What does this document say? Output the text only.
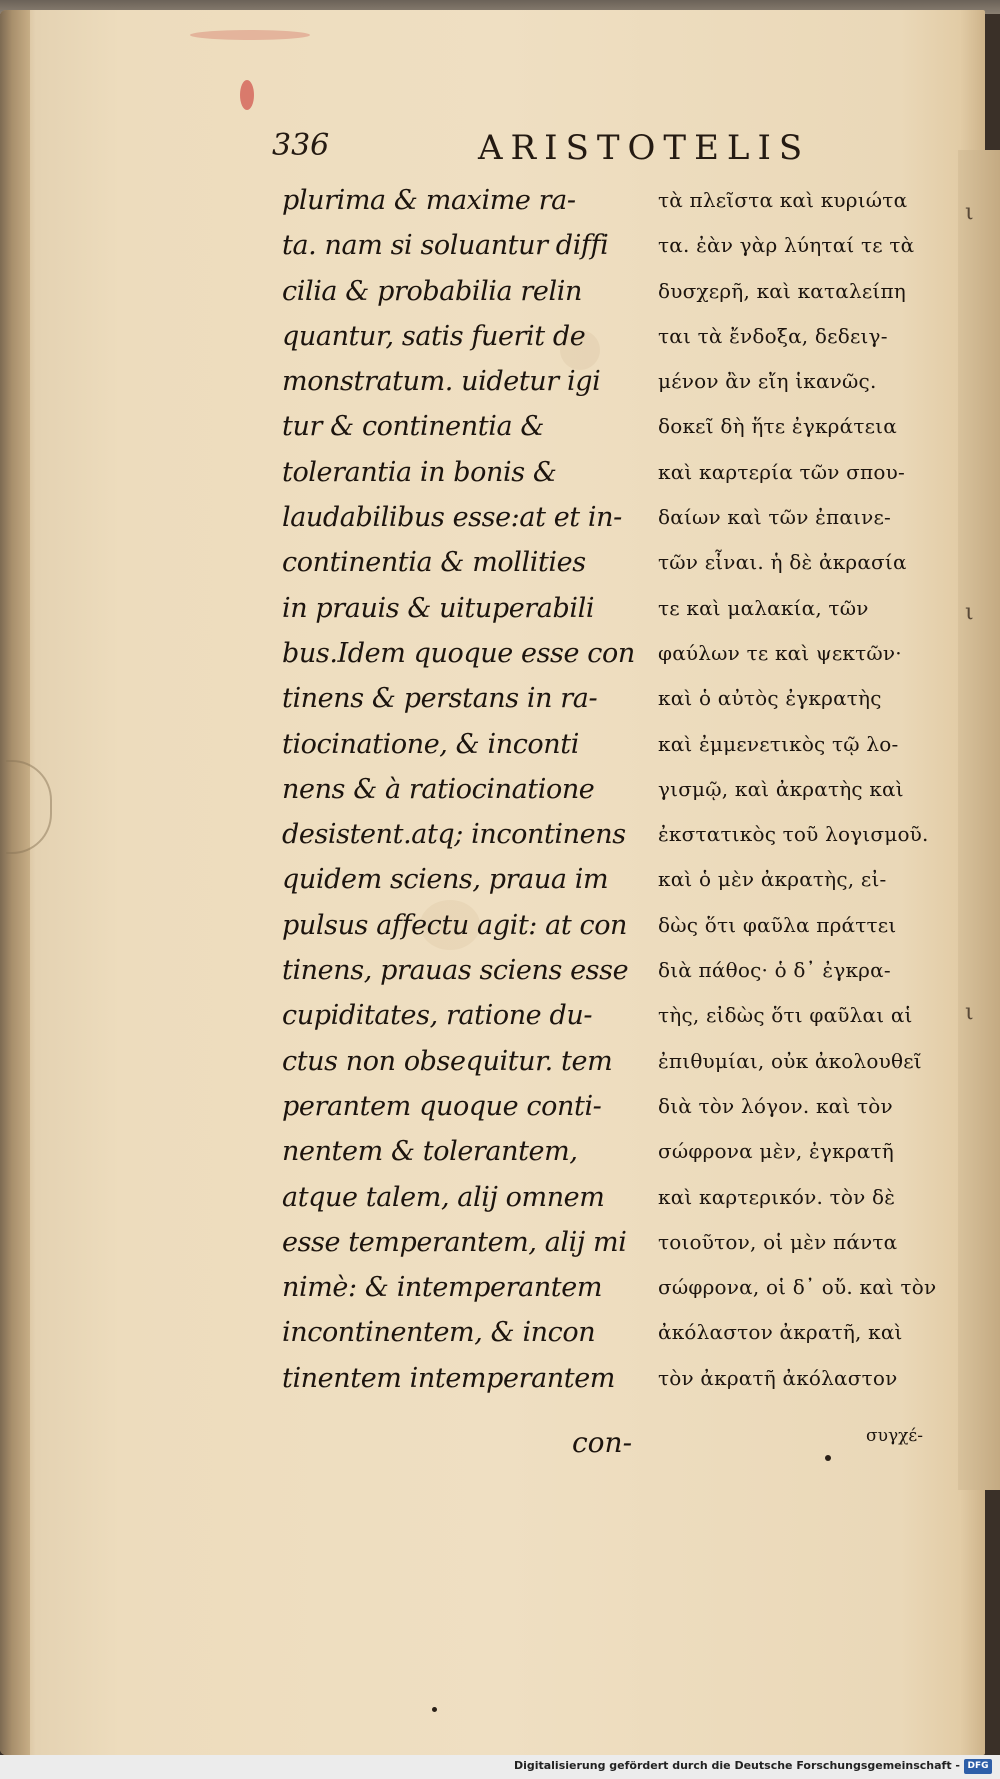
ι
ι
ι
336	ARISTOTELIS
plurima & maxime ra-
ta. nam si soluantur diffi
cilia & probabilia relin
quantur, satis fuerit de
monstratum. uidetur igi
tur & continentia &
tolerantia in bonis &
laudabilibus esse:at et in-
continentia & mollities
in prauis & uituperabili
bus.Idem quoque esse con
tinens & perstans in ra-
tiocinatione, & inconti
nens & à ratiocinatione
desistent.atq; incontinens
quidem sciens, praua im
pulsus affectu agit: at con
tinens, prauas sciens esse
cupiditates, ratione du-
ctus non obsequitur. tem
perantem quoque conti-
nentem & tolerantem,
atque talem, alij omnem
esse temperantem, alij mi
nimè: & intemperantem
incontinentem, & incon
tinentem intemperantem
τὰ πλεῖστα καὶ κυριώτα
τα. ἐὰν γὰρ λύηταί τε τὰ
δυσχερῆ, καὶ καταλείπη
ται τὰ ἔνδοξα, δεδειγ-
μένον ἂν εἴη ἱκανῶς.
δοκεῖ δὴ ἥτε ἐγκράτεια
καὶ καρτερία τῶν σπου-
δαίων καὶ τῶν ἐπαινε-
τῶν εἶναι. ἡ δὲ ἀκρασία
τε καὶ μαλακία, τῶν
φαύλων τε καὶ ψεκτῶν·
καὶ ὁ αὐτὸς ἐγκρατὴς
καὶ ἐμμενετικὸς τῷ λο-
γισμῷ, καὶ ἀκρατὴς καὶ
ἐκστατικὸς τοῦ λογισμοῦ.
καὶ ὁ μὲν ἀκρατὴς, εἰ-
δὼς ὅτι φαῦλα πράττει
διὰ πάθος· ὁ δ᾽ ἐγκρα-
τὴς, εἰδὼς ὅτι φαῦλαι αἱ
ἐπιθυμίαι, οὐκ ἀκολουθεῖ
διὰ τὸν λόγον. καὶ τὸν
σώφρονα μὲν, ἐγκρατῆ
καὶ καρτερικόν. τὸν δὲ
τοιοῦτον, οἱ μὲν πάντα
σώφρονα, οἱ δ᾽ οὔ. καὶ τὸν
ἀκόλαστον ἀκρατῆ, καὶ
τὸν ἀκρατῆ ἀκόλαστον
con-	συγχέ-
Digitalisierung gefördert durch die Deutsche Forschungsgemeinschaft - DFG
